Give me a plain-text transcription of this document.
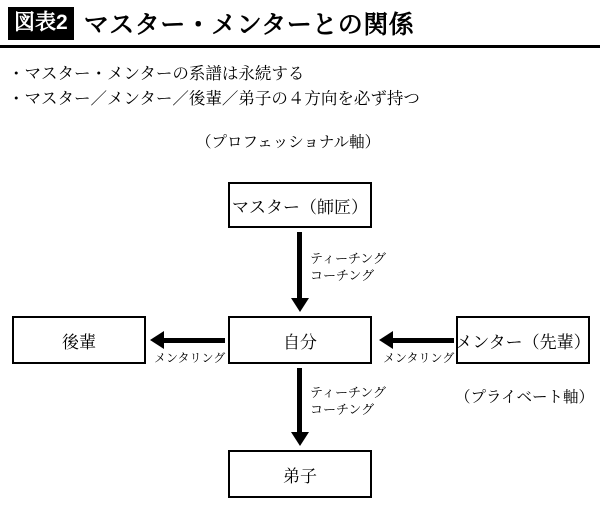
図表2 マスター・メンターとの関係
・マスター・メンターの系譜は永続する
・マスター／メンター／後輩／弟子の４方向を必ず持つ
（プロフェッショナル軸）
（プライベート軸）
マスター（師匠）
自分
後輩	メンター（先輩）
弟子
ティーチング
コーチング
ティーチング
コーチング
メンタリング	メンタリング
